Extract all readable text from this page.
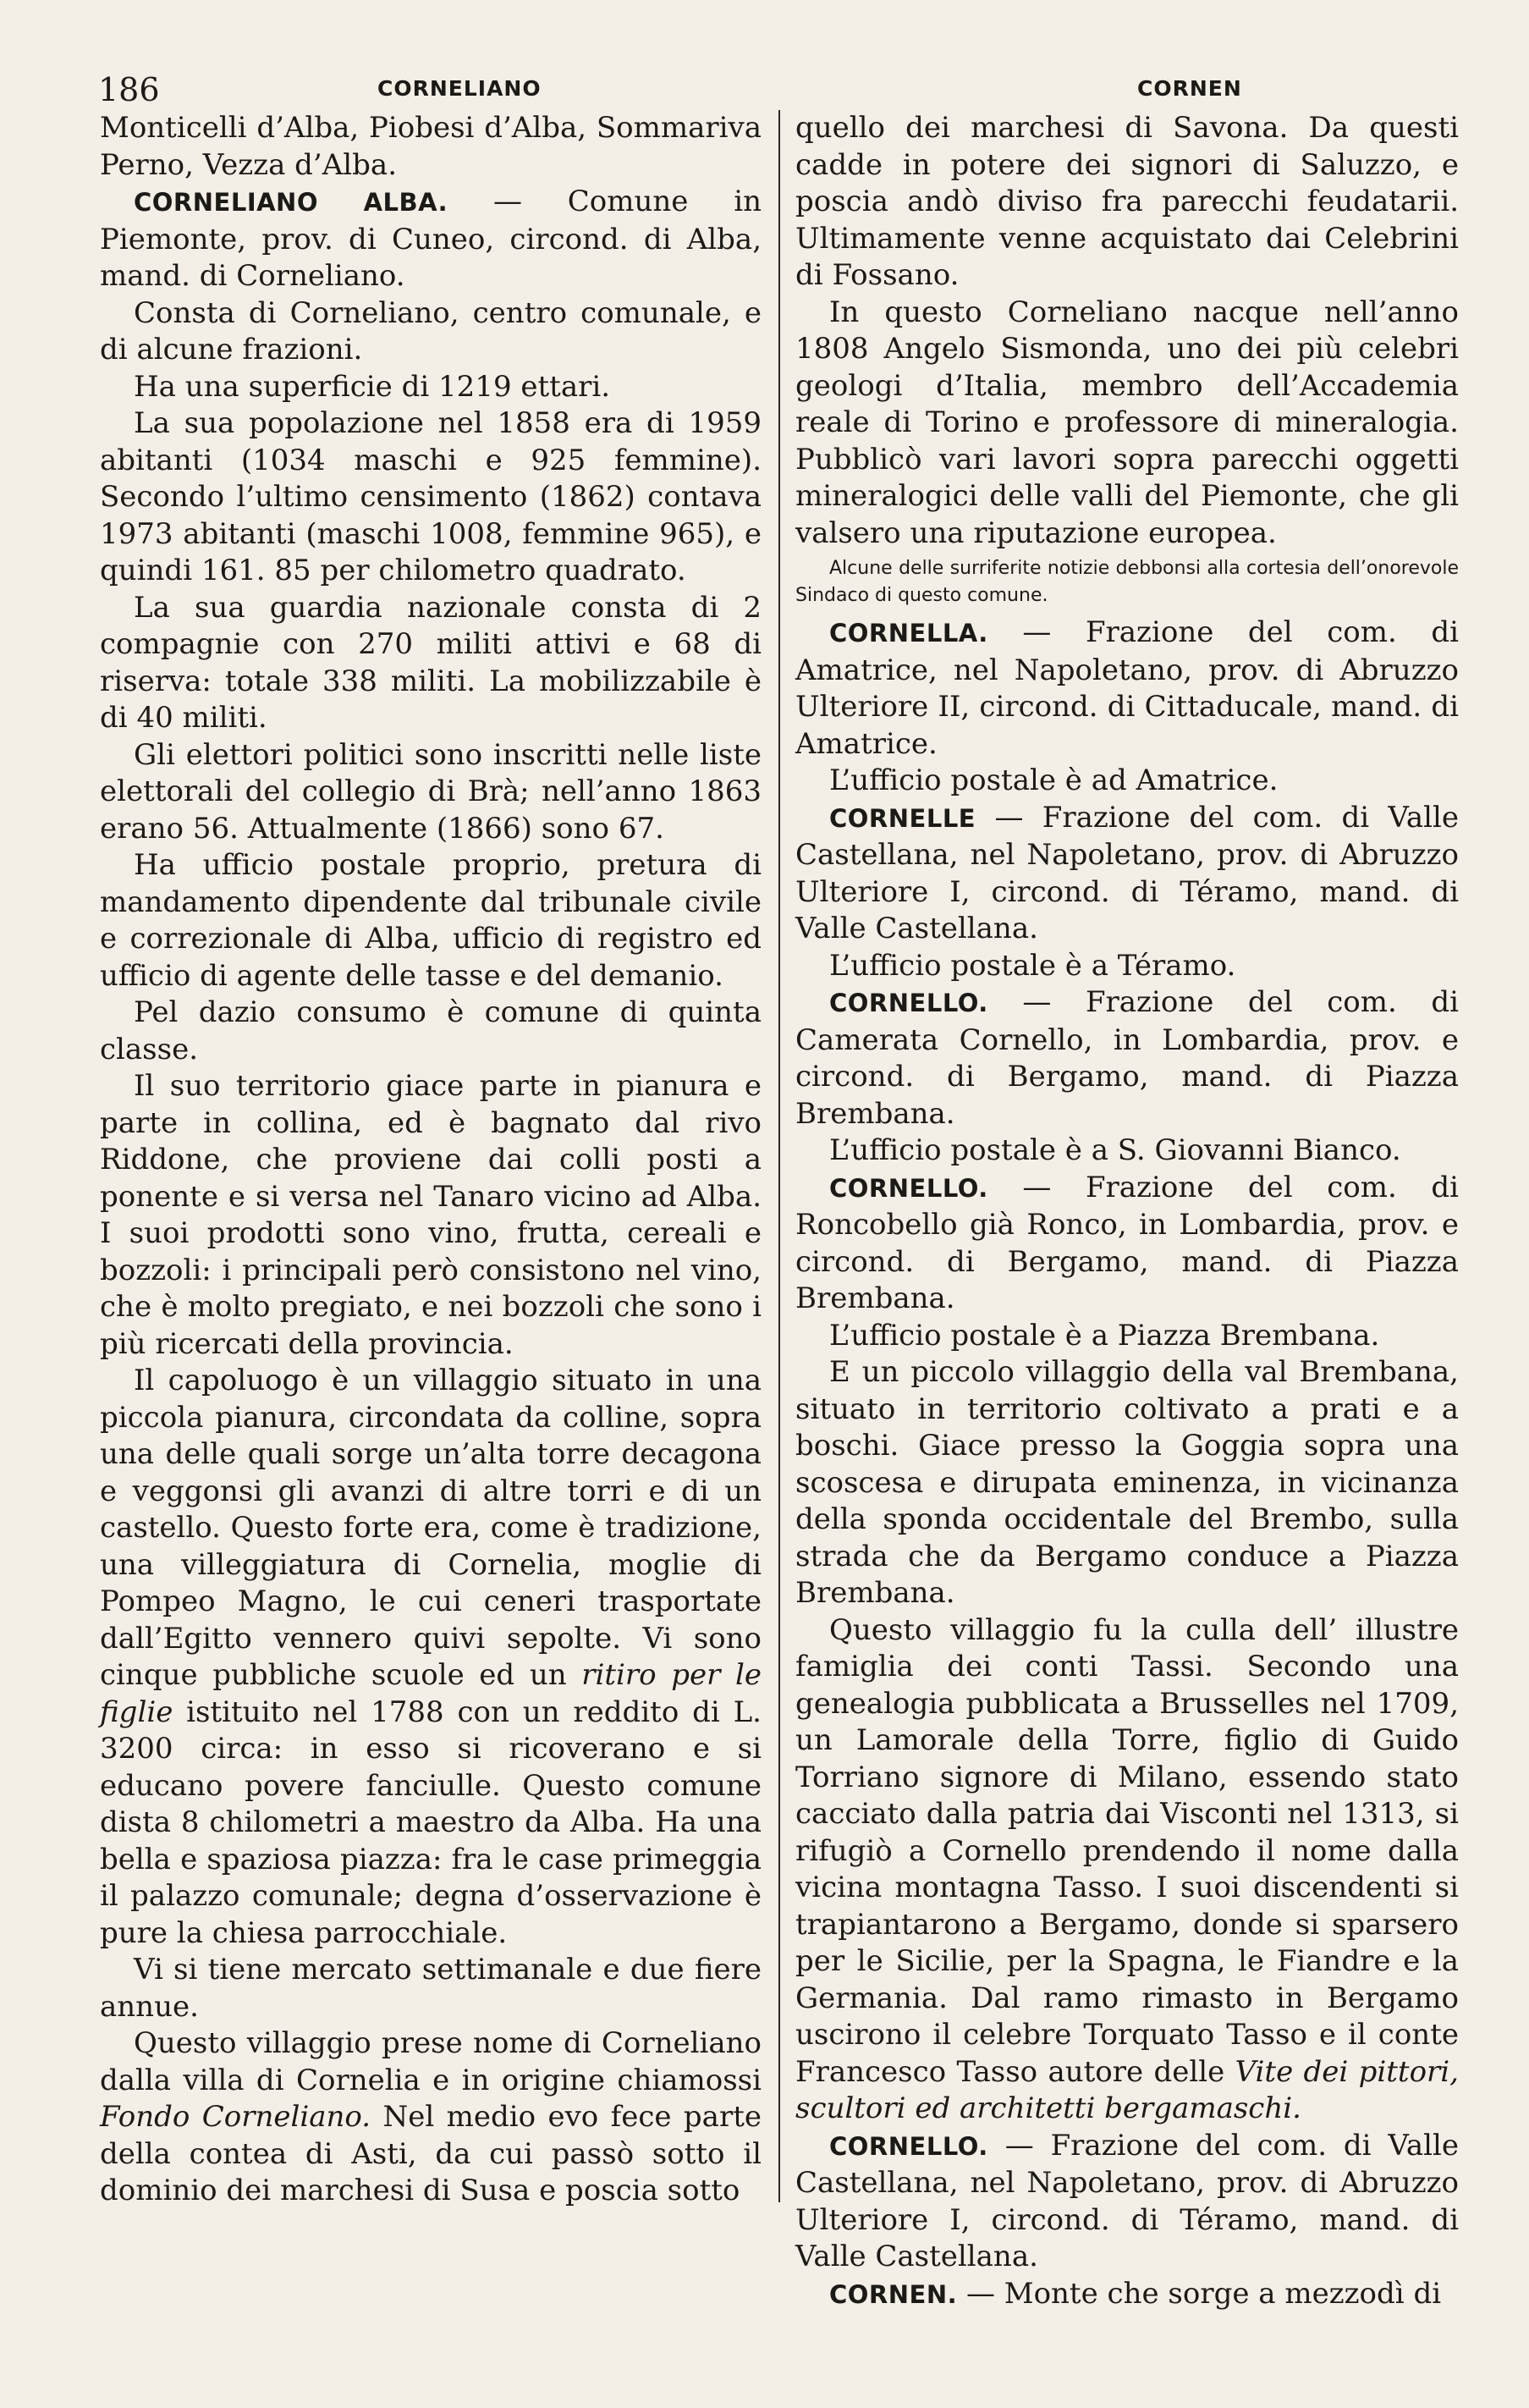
186	CORNELIANO	CORNEN

Monticelli d’Alba, Piobesi d’Alba, Sommariva Perno, Vezza d’Alba.

CORNELIANO ALBA. — Comune in Piemonte, prov. di Cuneo, circond. di Alba, mand. di Corneliano.

Consta di Corneliano, centro comunale, e di alcune frazioni.

Ha una superficie di 1219 ettari.

La sua popolazione nel 1858 era di 1959 abitanti (1034 maschi e 925 femmine). Secondo l’ultimo censimento (1862) contava 1973 abitanti (maschi 1008, femmine 965), e quindi 161. 85 per chilometro quadrato.

La sua guardia nazionale consta di 2 compagnie con 270 militi attivi e 68 di riserva: totale 338 militi. La mobilizzabile è di 40 militi.

Gli elettori politici sono inscritti nelle liste elettorali del collegio di Brà; nell’anno 1863 erano 56. Attualmente (1866) sono 67.

Ha ufficio postale proprio, pretura di mandamento dipendente dal tribunale civile e correzionale di Alba, ufficio di registro ed ufficio di agente delle tasse e del demanio.

Pel dazio consumo è comune di quinta classe.

Il suo territorio giace parte in pianura e parte in collina, ed è bagnato dal rivo Riddone, che proviene dai colli posti a ponente e si versa nel Tanaro vicino ad Alba. I suoi prodotti sono vino, frutta, cereali e bozzoli: i principali però consistono nel vino, che è molto pregiato, e nei bozzoli che sono i più ricercati della provincia.

Il capoluogo è un villaggio situato in una piccola pianura, circondata da colline, sopra una delle quali sorge un’alta torre decagona e veggonsi gli avanzi di altre torri e di un castello. Questo forte era, come è tradizione, una villeggiatura di Cornelia, moglie di Pompeo Magno, le cui ceneri trasportate dall’Egitto vennero quivi sepolte. Vi sono cinque pubbliche scuole ed un ritiro per le figlie istituito nel 1788 con un reddito di L. 3200 circa: in esso si ricoverano e si educano povere fanciulle. Questo comune dista 8 chilometri a maestro da Alba. Ha una bella e spaziosa piazza: fra le case primeggia il palazzo comunale; degna d’osservazione è pure la chiesa parrocchiale.

Vi si tiene mercato settimanale e due fiere annue.

Questo villaggio prese nome di Corneliano dalla villa di Cornelia e in origine chiamossi Fondo Corneliano. Nel medio evo fece parte della contea di Asti, da cui passò sotto il dominio dei marchesi di Susa e poscia sotto

quello dei marchesi di Savona. Da questi cadde in potere dei signori di Saluzzo, e poscia andò diviso fra parecchi feudatarii. Ultimamente venne acquistato dai Celebrini di Fossano.

In questo Corneliano nacque nell’anno 1808 Angelo Sismonda, uno dei più celebri geologi d’Italia, membro dell’Accademia reale di Torino e professore di mineralogia. Pubblicò vari lavori sopra parecchi oggetti mineralogici delle valli del Piemonte, che gli valsero una riputazione europea.

Alcune delle surriferite notizie debbonsi alla cortesia dell’onorevole Sindaco di questo comune.

CORNELLA. — Frazione del com. di Amatrice, nel Napoletano, prov. di Abruzzo Ulteriore II, circond. di Cittaducale, mand. di Amatrice.

L’ufficio postale è ad Amatrice.

CORNELLE — Frazione del com. di Valle Castellana, nel Napoletano, prov. di Abruzzo Ulteriore I, circond. di Téramo, mand. di Valle Castellana.

L’ufficio postale è a Téramo.

CORNELLO. — Frazione del com. di Camerata Cornello, in Lombardia, prov. e circond. di Bergamo, mand. di Piazza Brembana.

L’ufficio postale è a S. Giovanni Bianco.

CORNELLO. — Frazione del com. di Roncobello già Ronco, in Lombardia, prov. e circond. di Bergamo, mand. di Piazza Brembana.

L’ufficio postale è a Piazza Brembana.

E un piccolo villaggio della val Brembana, situato in territorio coltivato a prati e a boschi. Giace presso la Goggia sopra una scoscesa e dirupata eminenza, in vicinanza della sponda occidentale del Brembo, sulla strada che da Bergamo conduce a Piazza Brembana.

Questo villaggio fu la culla dell’ illustre famiglia dei conti Tassi. Secondo una genealogia pubblicata a Brusselles nel 1709, un Lamorale della Torre, figlio di Guido Torriano signore di Milano, essendo stato cacciato dalla patria dai Visconti nel 1313, si rifugiò a Cornello prendendo il nome dalla vicina montagna Tasso. I suoi discendenti si trapiantarono a Bergamo, donde si sparsero per le Sicilie, per la Spagna, le Fiandre e la Germania. Dal ramo rimasto in Bergamo uscirono il celebre Torquato Tasso e il conte Francesco Tasso autore delle Vite dei pittori, scultori ed architetti bergamaschi.

CORNELLO. — Frazione del com. di Valle Castellana, nel Napoletano, prov. di Abruzzo Ulteriore I, circond. di Téramo, mand. di Valle Castellana.

CORNEN. — Monte che sorge a mezzodì di
